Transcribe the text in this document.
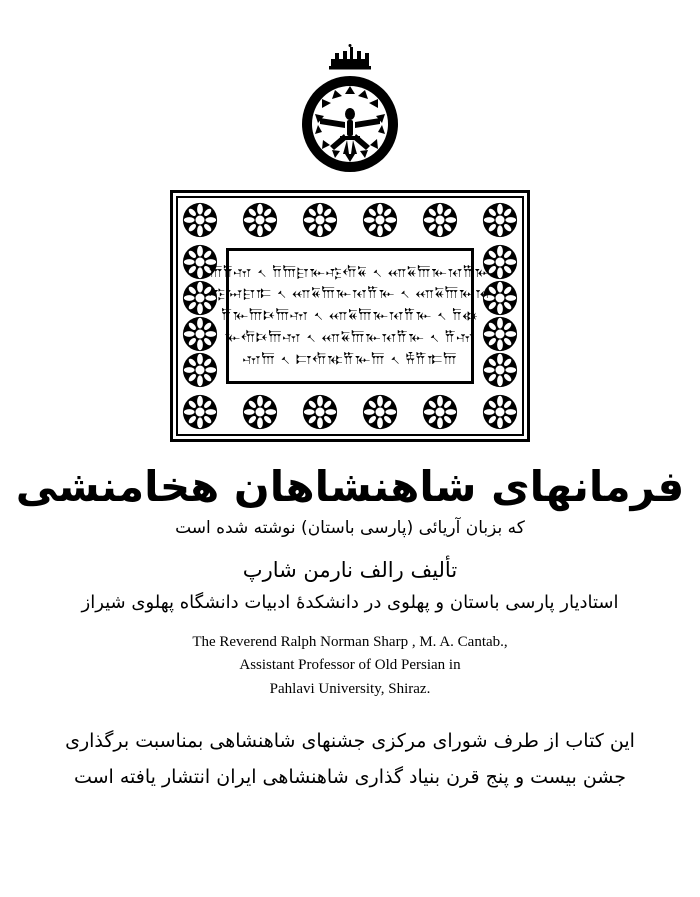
𐎠𐎭𐎶 𐏐 𐎭𐎠𐎼𐎹𐎺𐎢𐏁 𐏐 𐎧𐏁𐎠𐎹𐎰𐎡𐎹
𐎺𐏀𐎼𐎣 𐏐 𐎧𐏁𐎠𐎹𐎰𐎡𐎹 𐏐 𐎧𐏁𐎠𐎹𐎰
𐎡𐎹𐎠𐎴𐎠𐎶 𐏐 𐎧𐏁𐎠𐎹𐎰𐎡𐎹 𐏐 𐎭𐏃
𐎹𐎢𐎴𐎠𐎶 𐏐 𐎧𐏁𐎠𐎹𐎰𐎡𐎹 𐏐 𐎡𐎶
𐎶𐎠 𐏐 𐎲𐎢𐎷𐎡𐎹𐎠 𐏐 𐎻𐎡𐎣𐎠
فرمانهای شاهنشاهان هخامنشی
که بزبان آریائی (پارسی باستان) نوشته شده است
تألیف رالف نارمن شارپ
استادیار پارسی باستان و پهلوی در دانشکدهٔ ادبیات دانشگاه پهلوی شیراز
The Reverend Ralph Norman Sharp , M. A. Cantab.,
Assistant Professor of Old Persian in
Pahlavi University, Shiraz.
این کتاب از طرف شورای مرکزی جشنهای شاهنشاهی بمناسبت برگذاری
جشن بیست و پنج قرن بنیاد گذاری شاهنشاهی ایران انتشار یافته است
